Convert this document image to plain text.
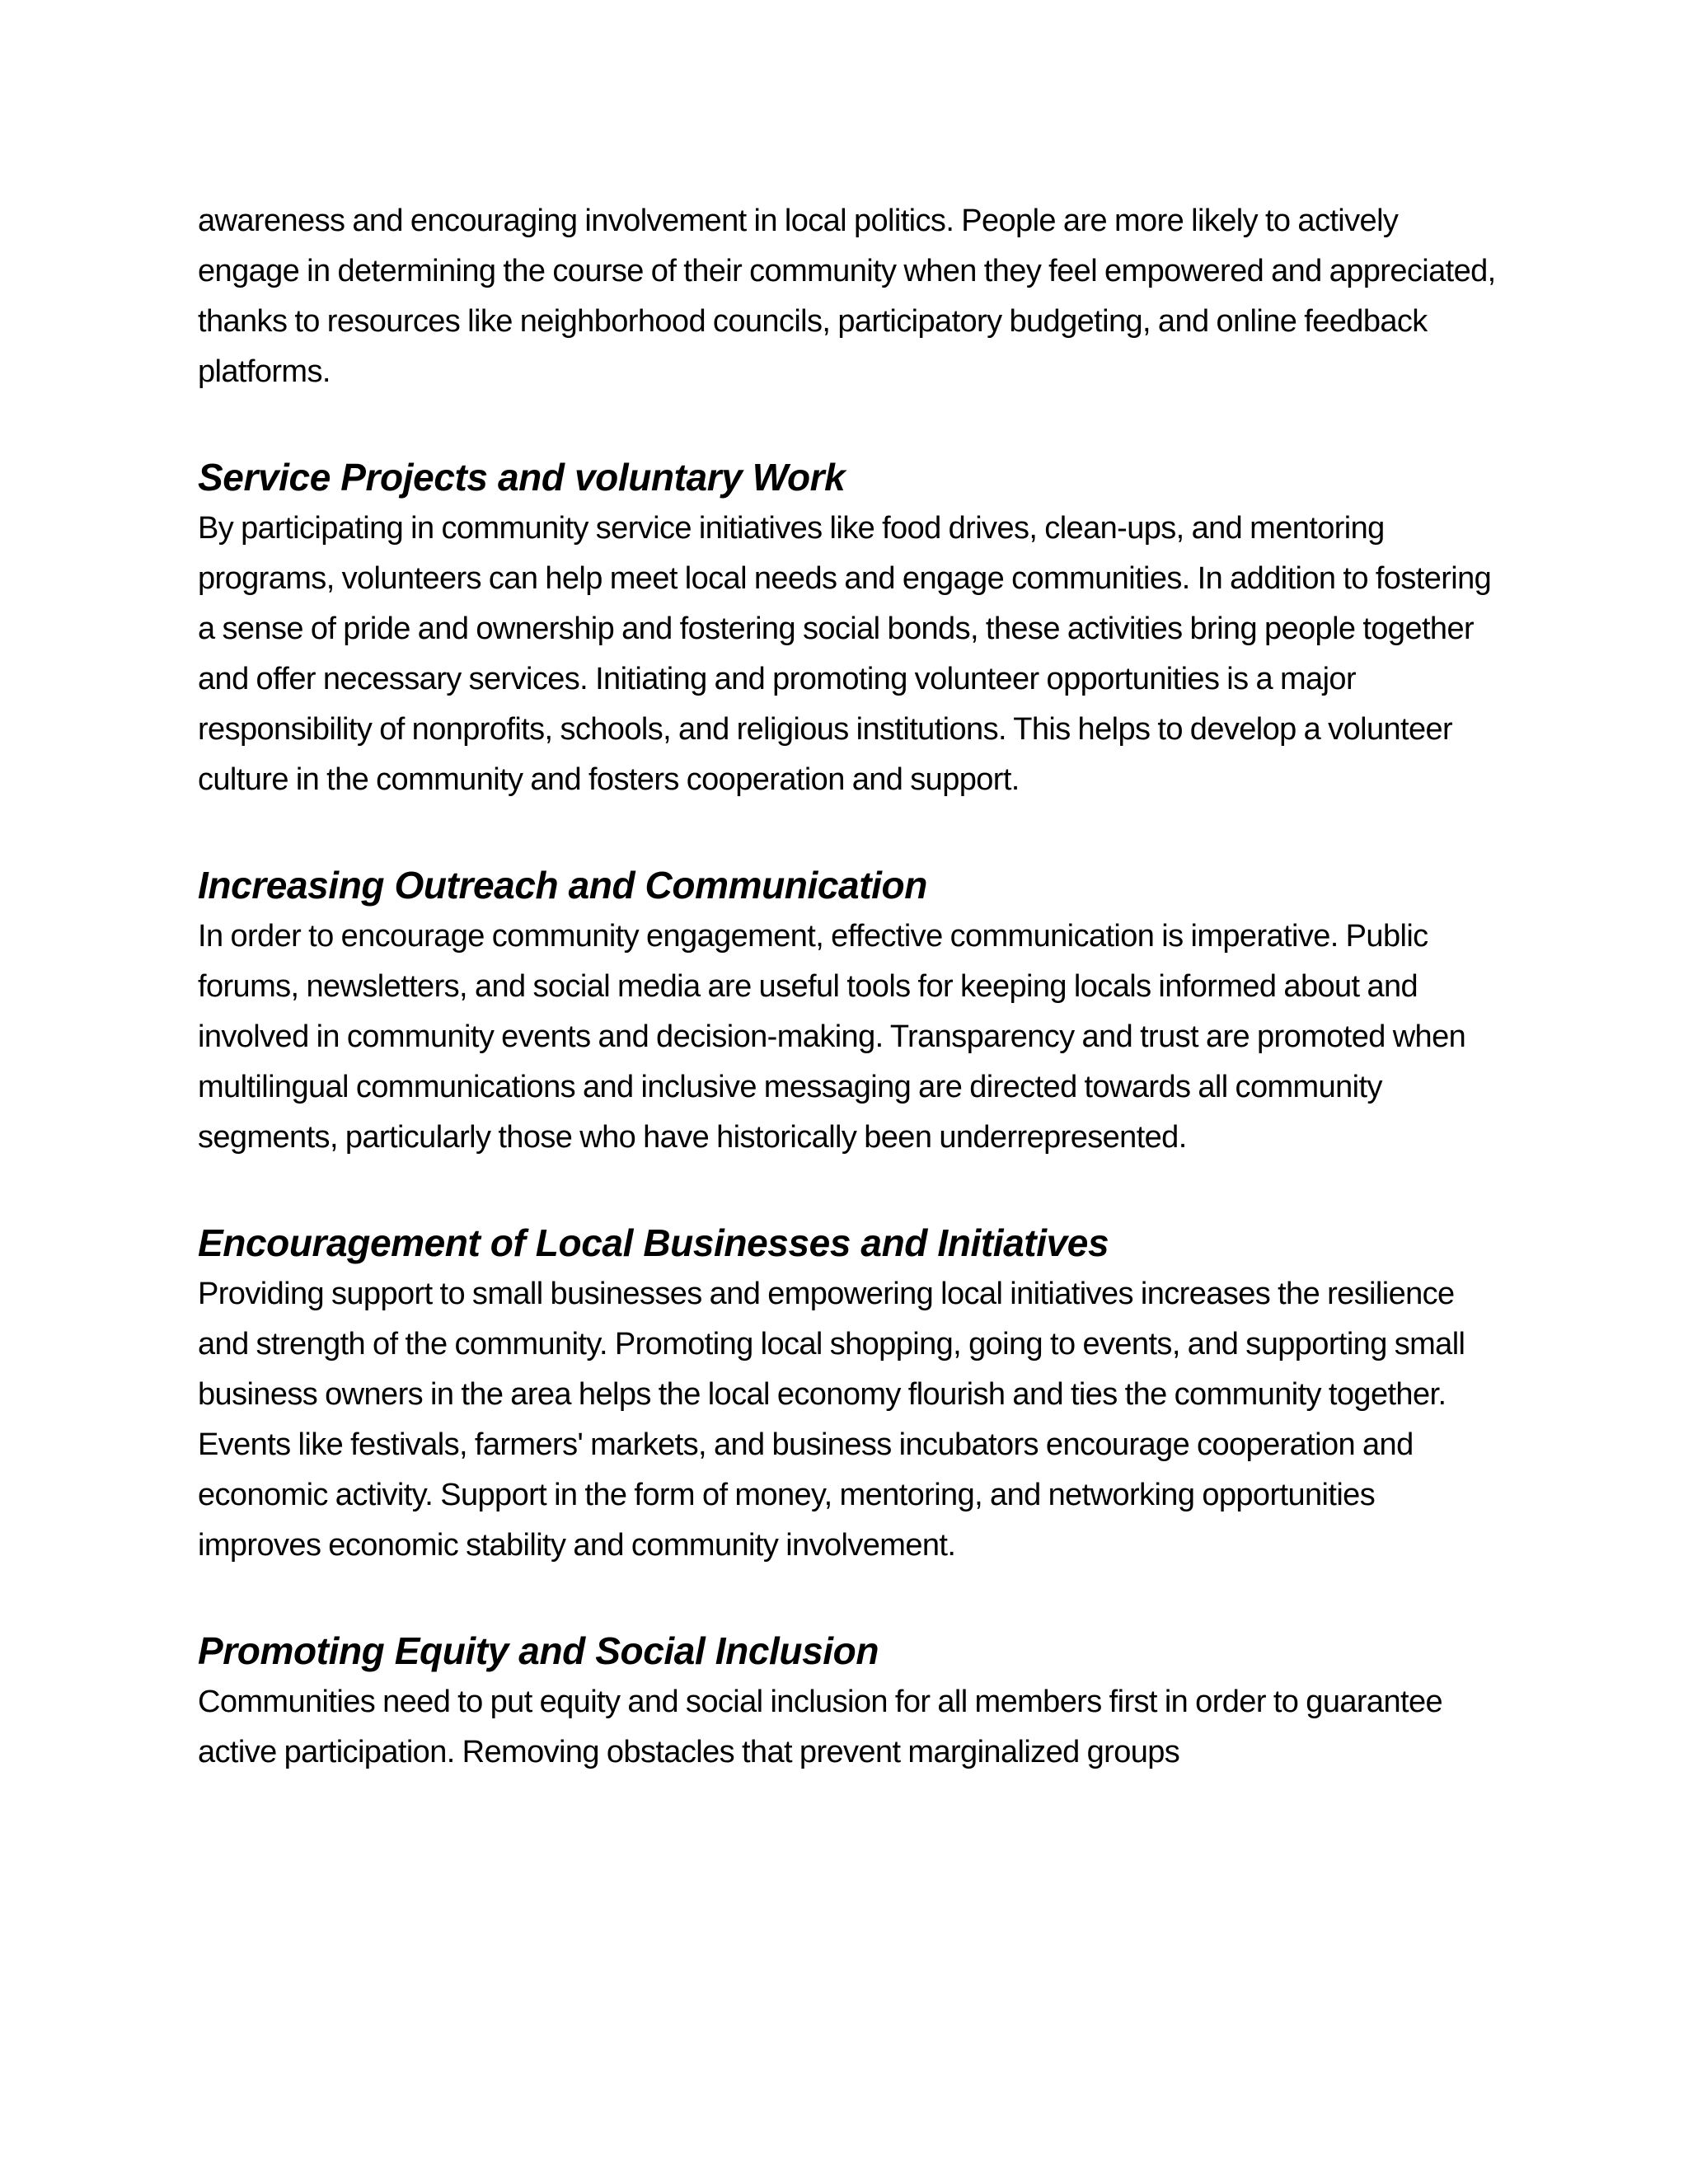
awareness and encouraging involvement in local politics. People are more likely to actively engage in determining the course of their community when they feel empowered and appreciated, thanks to resources like neighborhood councils, participatory budgeting, and online feedback platforms.

Service Projects and voluntary Work

By participating in community service initiatives like food drives, clean-ups, and mentoring programs, volunteers can help meet local needs and engage communities. In addition to fostering a sense of pride and ownership and fostering social bonds, these activities bring people together and offer necessary services. Initiating and promoting volunteer opportunities is a major responsibility of nonprofits, schools, and religious institutions. This helps to develop a volunteer culture in the community and fosters cooperation and support.

Increasing Outreach and Communication

In order to encourage community engagement, effective communication is imperative. Public forums, newsletters, and social media are useful tools for keeping locals informed about and involved in community events and decision-making. Transparency and trust are promoted when multilingual communications and inclusive messaging are directed towards all community segments, particularly those who have historically been underrepresented.

Encouragement of Local Businesses and Initiatives

Providing support to small businesses and empowering local initiatives increases the resilience and strength of the community. Promoting local shopping, going to events, and supporting small business owners in the area helps the local economy flourish and ties the community together. Events like festivals, farmers' markets, and business incubators encourage cooperation and economic activity. Support in the form of money, mentoring, and networking opportunities improves economic stability and community involvement.

Promoting Equity and Social Inclusion

Communities need to put equity and social inclusion for all members first in order to guarantee active participation. Removing obstacles that prevent marginalized groups
